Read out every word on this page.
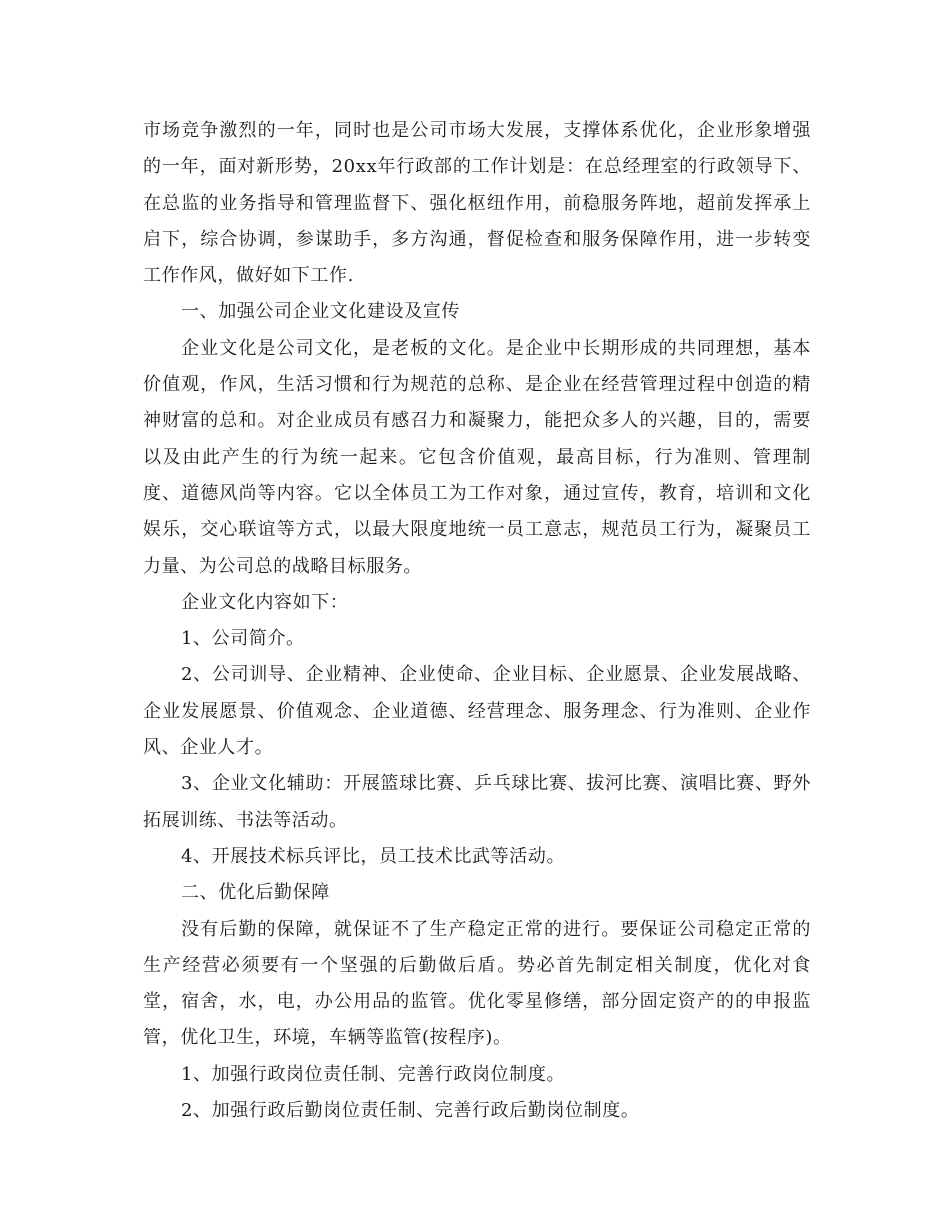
市场竞争激烈的一年，同时也是公司市场大发展，支撑体系优化，企业形象增强的一年，面对新形势，20xx年行政部的工作计划是：在总经理室的行政领导下、在总监的业务指导和管理监督下、强化枢纽作用，前稳服务阵地，超前发挥承上启下，综合协调，参谋助手，多方沟通，督促检查和服务保障作用，进一步转变工作作风，做好如下工作.

一、加强公司企业文化建设及宣传

企业文化是公司文化，是老板的文化。是企业中长期形成的共同理想，基本价值观，作风，生活习惯和行为规范的总称、是企业在经营管理过程中创造的精神财富的总和。对企业成员有感召力和凝聚力，能把众多人的兴趣，目的，需要以及由此产生的行为统一起来。它包含价值观，最高目标，行为准则、管理制度、道德风尚等内容。它以全体员工为工作对象，通过宣传，教育，培训和文化娱乐，交心联谊等方式，以最大限度地统一员工意志，规范员工行为，凝聚员工力量、为公司总的战略目标服务。

企业文化内容如下：

1、公司简介。

2、公司训导、企业精神、企业使命、企业目标、企业愿景、企业发展战略、企业发展愿景、价值观念、企业道德、经营理念、服务理念、行为准则、企业作风、企业人才。

3、企业文化辅助：开展篮球比赛、乒乓球比赛、拔河比赛、演唱比赛、野外拓展训练、书法等活动。

4、开展技术标兵评比，员工技术比武等活动。

二、优化后勤保障

没有后勤的保障，就保证不了生产稳定正常的进行。要保证公司稳定正常的生产经营必须要有一个坚强的后勤做后盾。势必首先制定相关制度，优化对食堂，宿舍，水，电，办公用品的监管。优化零星修缮，部分固定资产的的申报监管，优化卫生，环境，车辆等监管(按程序)。

1、加强行政岗位责任制、完善行政岗位制度。

2、加强行政后勤岗位责任制、完善行政后勤岗位制度。
